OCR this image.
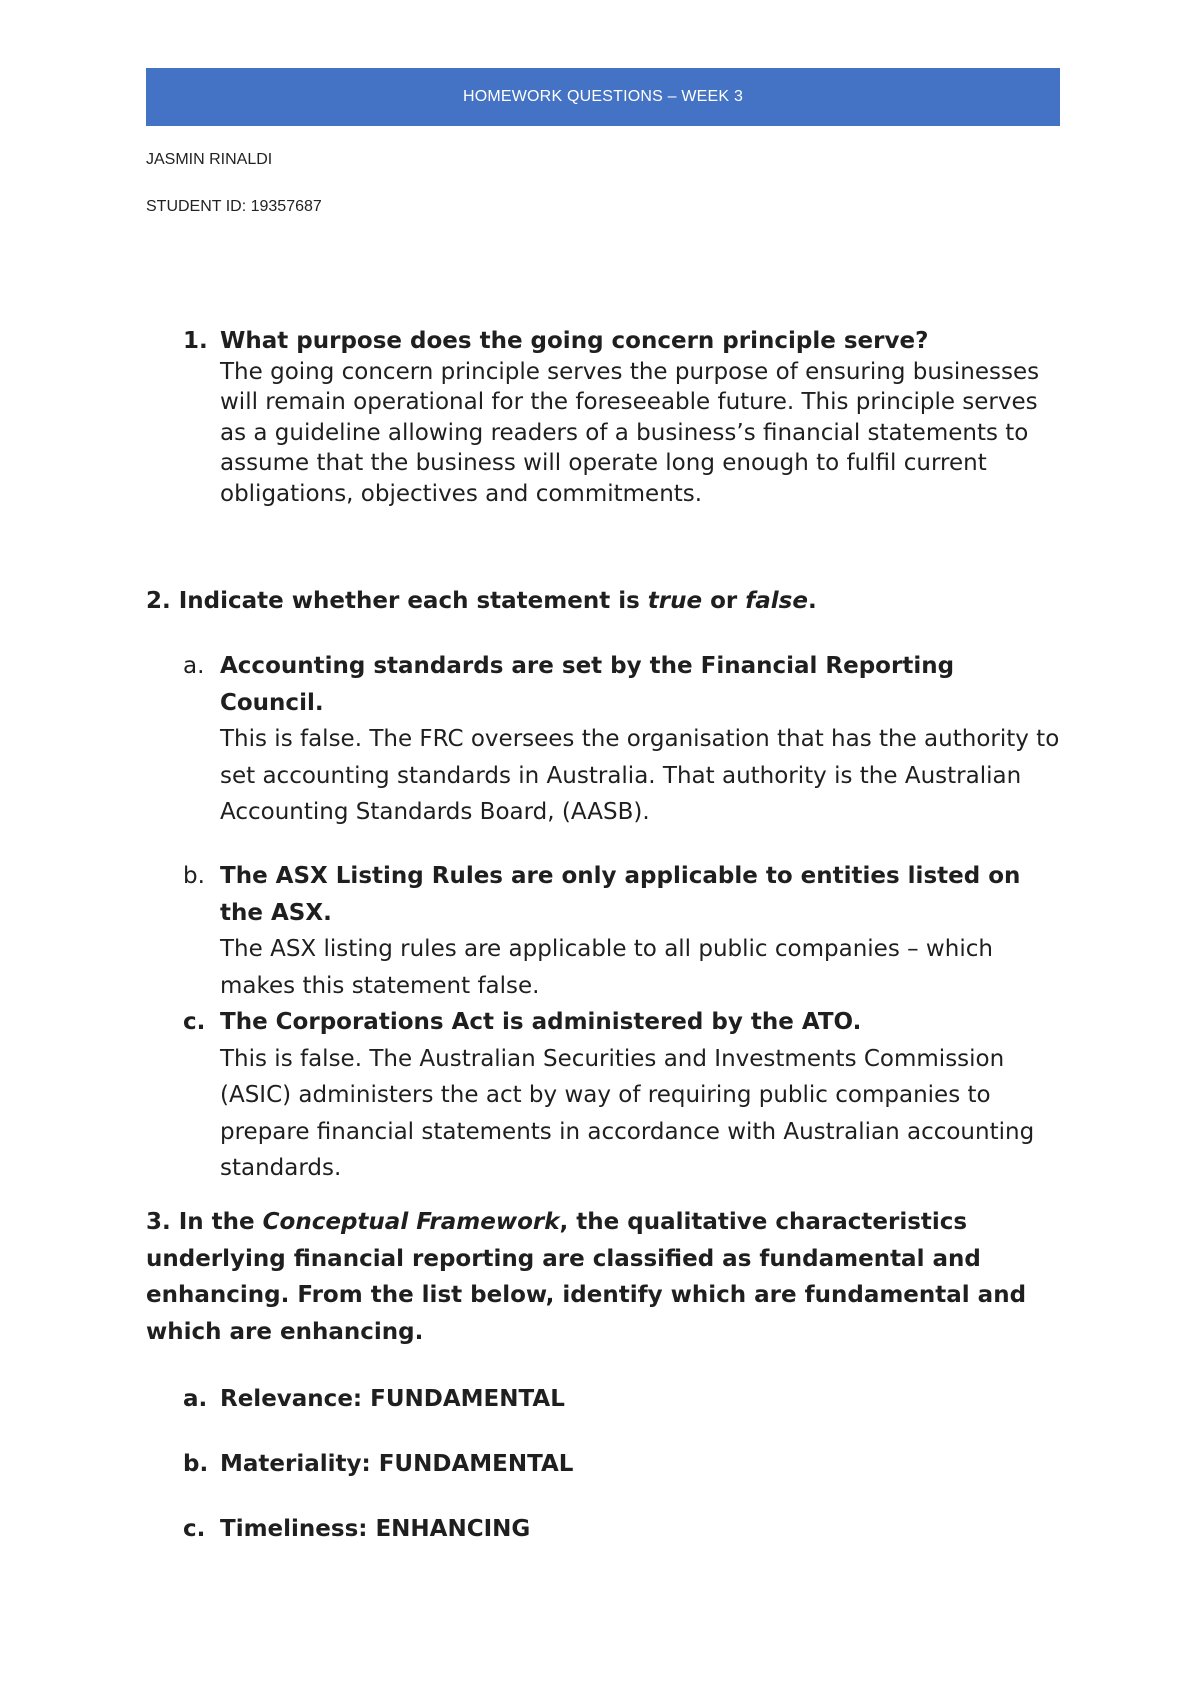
HOMEWORK QUESTIONS – WEEK 3
JASMIN RINALDI
STUDENT ID: 19357687
1. What purpose does the going concern principle serve?
The going concern principle serves the purpose of ensuring businesses will remain operational for the foreseeable future. This principle serves as a guideline allowing readers of a business’s financial statements to assume that the business will operate long enough to fulfil current obligations, objectives and commitments.
2. Indicate whether each statement is true or false.
a. Accounting standards are set by the Financial Reporting Council.
This is false. The FRC oversees the organisation that has the authority to set accounting standards in Australia. That authority is the Australian Accounting Standards Board, (AASB).
b. The ASX Listing Rules are only applicable to entities listed on the ASX.
The ASX listing rules are applicable to all public companies – which makes this statement false.
c. The Corporations Act is administered by the ATO.
This is false. The Australian Securities and Investments Commission (ASIC) administers the act by way of requiring public companies to prepare financial statements in accordance with Australian accounting standards.
3. In the Conceptual Framework, the qualitative characteristics underlying financial reporting are classified as fundamental and enhancing. From the list below, identify which are fundamental and which are enhancing.
a. Relevance: FUNDAMENTAL
b. Materiality: FUNDAMENTAL
c. Timeliness: ENHANCING
